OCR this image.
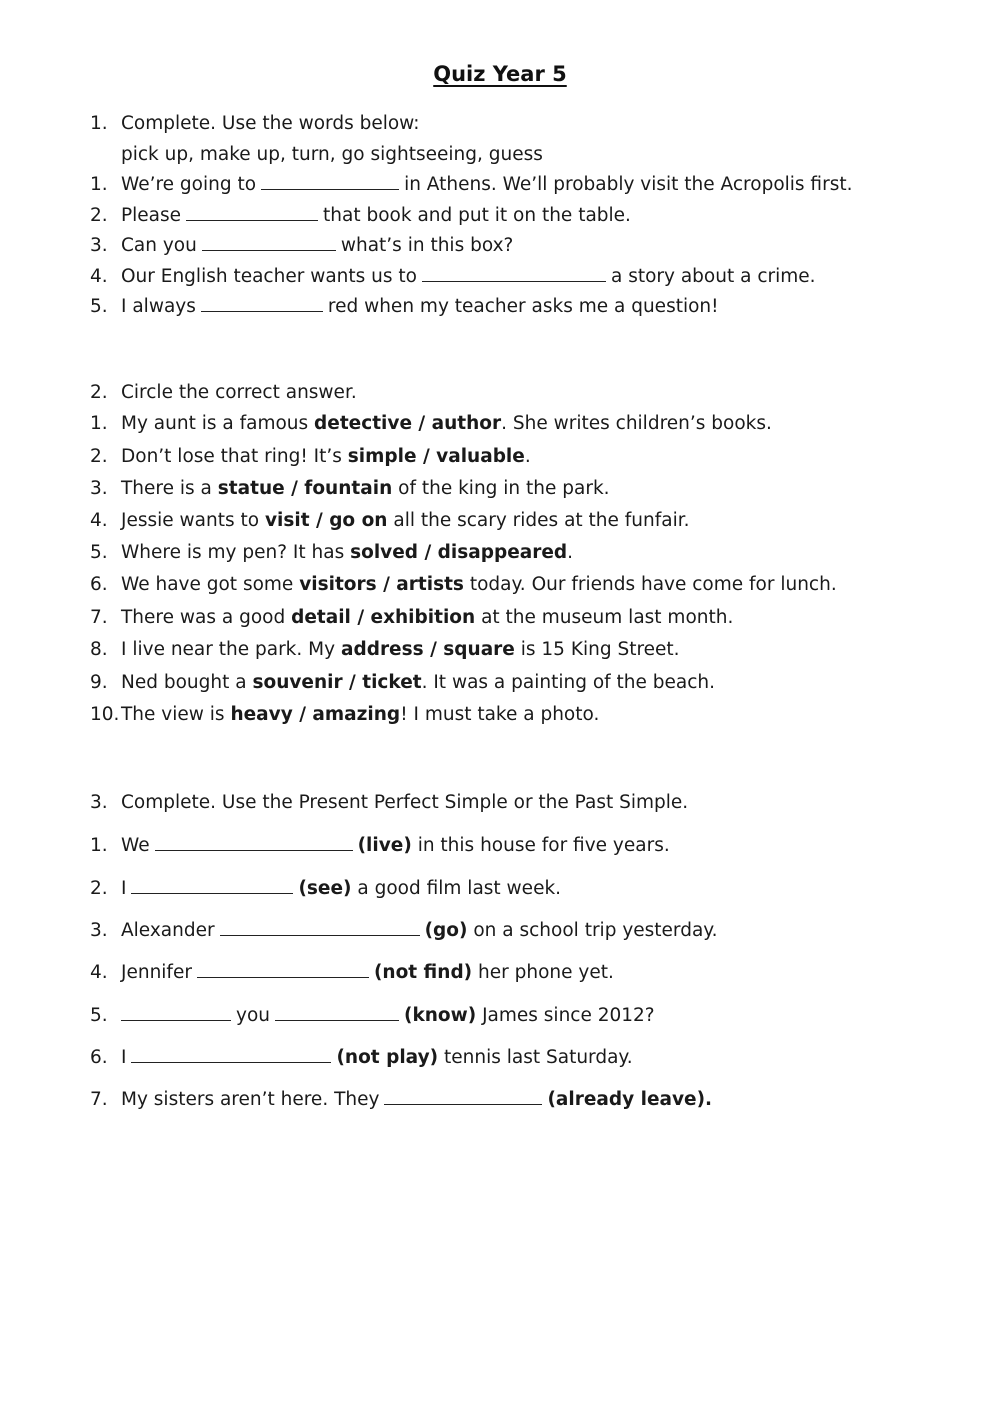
Quiz Year 5
1. Complete. Use the words below:
pick up, make up, turn, go sightseeing, guess
1. We’re going to	in Athens. We’ll probably visit the Acropolis first.
2. Please	that book and put it on the table.
3. Can you	what’s in this box?
4. Our English teacher wants us to	a story about a crime.
5. I always	red when my teacher asks me a question!
2. Circle the correct answer.
1. My aunt is a famous detective / author. She writes children’s books.
2. Don’t lose that ring! It’s simple / valuable.
3. There is a statue / fountain of the king in the park.
4. Jessie wants to visit / go on all the scary rides at the funfair.
5. Where is my pen? It has solved / disappeared.
6. We have got some visitors / artists today. Our friends have come for lunch.
7. There was a good detail / exhibition at the museum last month.
8. I live near the park. My address / square is 15 King Street.
9. Ned bought a souvenir / ticket. It was a painting of the beach.
10.The view is heavy / amazing! I must take a photo.
3. Complete. Use the Present Perfect Simple or the Past Simple.
1. We	(live) in this house for five years.
2. I	(see) a good film last week.
3. Alexander	(go) on a school trip yesterday.
4. Jennifer	(not find) her phone yet.
5.	you	(know) James since 2012?
6. I	(not play) tennis last Saturday.
7. My sisters aren’t here. They	(already leave).
